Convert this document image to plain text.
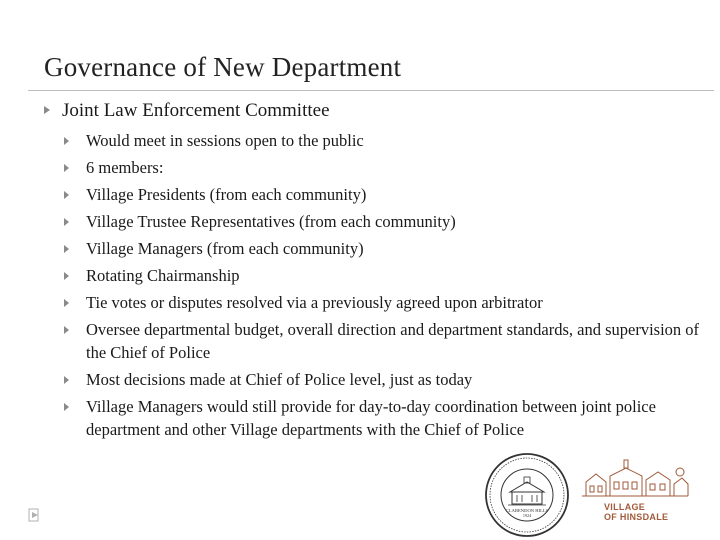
Governance of New Department
Joint Law Enforcement Committee
Would meet in sessions open to the public
6 members:
Village Presidents (from each community)
Village Trustee Representatives (from each community)
Village Managers (from each community)
Rotating Chairmanship
Tie votes or disputes resolved via a previously agreed upon arbitrator
Oversee departmental budget, overall direction and department standards, and supervision of the Chief of Police
Most decisions made at Chief of Police level, just as today
Village Managers would still provide for day-to-day coordination between joint police department and other Village departments with the Chief of Police
CLARENDON HILLS
1924
VILLAGE
OF HINSDALE
